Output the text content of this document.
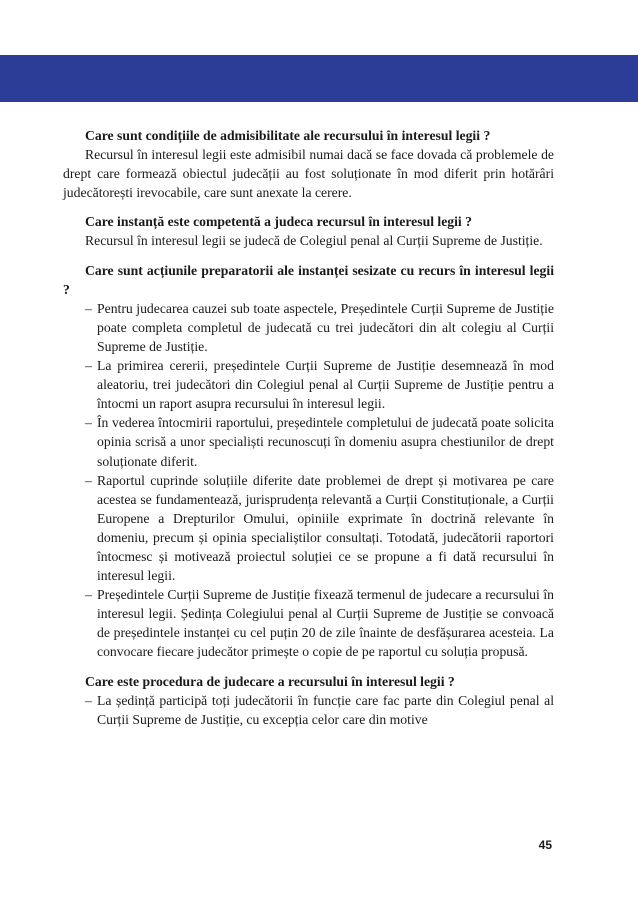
Care sunt condițiile de admisibilitate ale recursului în interesul legii ?

Recursul în interesul legii este admisibil numai dacă se face dovada că problemele de drept care formează obiectul judecății au fost soluționate în mod diferit prin hotărâri judecătorești irevocabile, care sunt anexate la cerere.

Care instanță este competentă a judeca recursul în interesul legii ?

Recursul în interesul legii se judecă de Colegiul penal al Curții Supreme de Justiție.

Care sunt acțiunile preparatorii ale instanței sesizate cu recurs în interesul legii ?

– Pentru judecarea cauzei sub toate aspectele, Președintele Curții Supreme de Justiție poate completa completul de judecată cu trei judecători din alt colegiu al Curții Supreme de Justiție.
– La primirea cererii, președintele Curții Supreme de Justiție desemnează în mod aleatoriu, trei judecători din Colegiul penal al Curții Supreme de Justiție pentru a întocmi un raport asupra recursului în interesul legii.
– În vederea întocmirii raportului, președintele completului de judecată poate solicita opinia scrisă a unor specialiști recunoscuți în domeniu asupra chestiunilor de drept soluționate diferit.
– Raportul cuprinde soluțiile diferite date problemei de drept și motivarea pe care acestea se fundamentează, jurisprudența relevantă a Curții Constituționale, a Curții Europene a Drepturilor Omului, opiniile exprimate în doctrină relevante în domeniu, precum și opinia specialiștilor consultați. Totodată, judecătorii raportori întocmesc și motivează proiectul soluției ce se propune a fi dată recursului în interesul legii.
– Președintele Curții Supreme de Justiție fixează termenul de judecare a recursului în interesul legii. Ședința Colegiului penal al Curții Supreme de Justiție se convoacă de președintele instanței cu cel puțin 20 de zile înainte de desfășurarea acesteia. La convocare fiecare judecător primește o copie de pe raportul cu soluția propusă.

Care este procedura de judecare a recursului în interesul legii ?

– La ședință participă toți judecătorii în funcție care fac parte din Colegiul penal al Curții Supreme de Justiție, cu excepția celor care din motive
45
